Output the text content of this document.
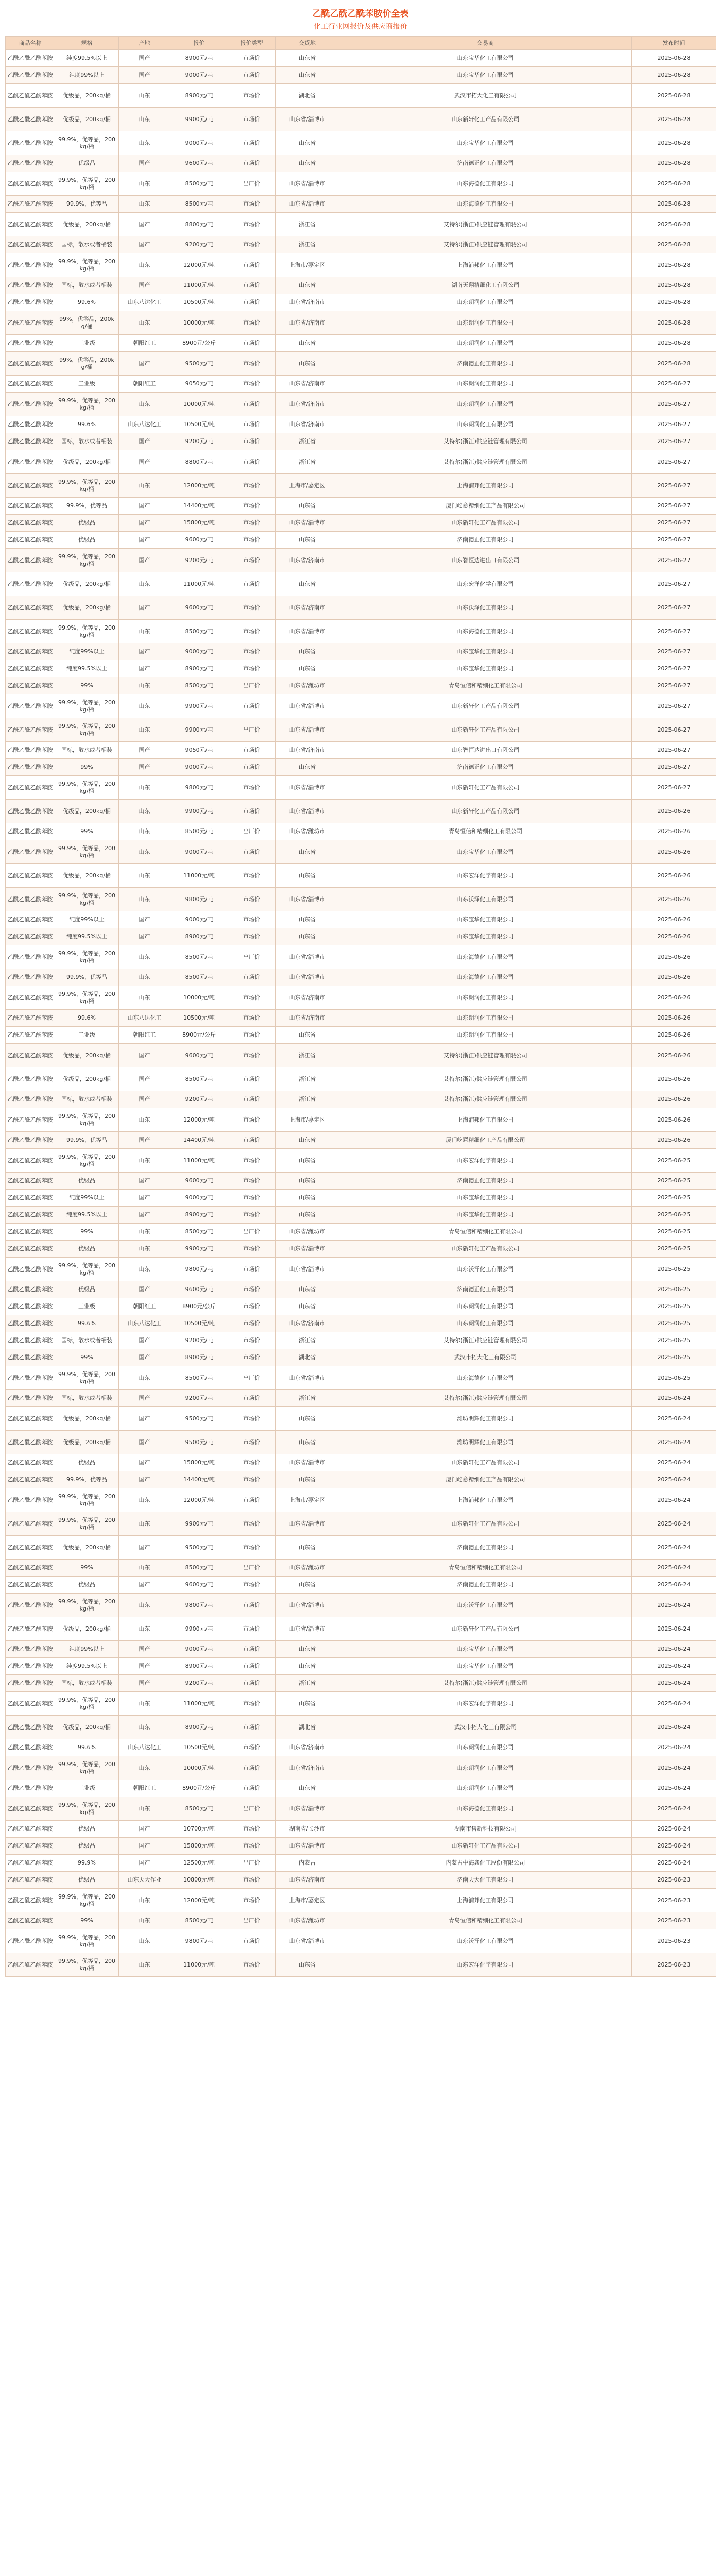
乙酰乙酰乙酰苯胺价全表
化工行业网报价及供应商报价
商品名称	规格	产地	报价	报价类型	交货地	交易商	发布时间
乙酰乙酰乙酰苯胺	纯度99.5%以上	国产	8900元/吨	市场价	山东省	山东宝华化工有限公司	2025-06-28
乙酰乙酰乙酰苯胺	纯度99%以上	国产	9000元/吨	市场价	山东省	山东宝华化工有限公司	2025-06-28
乙酰乙酰乙酰苯胺	优级品，200kg/桶	山东	8900元/吨	市场价	湖北省	武汉市拓大化工有限公司	2025-06-28
乙酰乙酰乙酰苯胺	优级品，200kg/桶	山东	9900元/吨	市场价	山东省/淄博市	山东新轩化工产品有限公司	2025-06-28
乙酰乙酰乙酰苯胺	99.9%，优等品，200kg/桶	山东	9000元/吨	市场价	山东省	山东宝华化工有限公司	2025-06-28
乙酰乙酰乙酰苯胺	优级品	国产	9600元/吨	市场价	山东省	济南德正化工有限公司	2025-06-28
乙酰乙酰乙酰苯胺	99.9%，优等品，200kg/桶	山东	8500元/吨	出厂价	山东省/淄博市	山东海德化工有限公司	2025-06-28
乙酰乙酰乙酰苯胺	99.9%，优等品	山东	8500元/吨	市场价	山东省/淄博市	山东海德化工有限公司	2025-06-28
乙酰乙酰乙酰苯胺	优级品，200kg/桶	国产	8800元/吨	市场价	浙江省	艾特尔(浙江)供应链管理有限公司	2025-06-28
乙酰乙酰乙酰苯胺	国标，散水或者桶装	国产	9200元/吨	市场价	浙江省	艾特尔(浙江)供应链管理有限公司	2025-06-28
乙酰乙酰乙酰苯胺	99.9%，优等品，200kg/桶	山东	12000元/吨	市场价	上海市/嘉定区	上海浦邦化工有限公司	2025-06-28
乙酰乙酰乙酰苯胺	国标，散水或者桶装	国产	11000元/吨	市场价	山东省	湖南天翔精细化工有限公司	2025-06-28
乙酰乙酰乙酰苯胺	99.6%	山东八达化工	10500元/吨	市场价	山东省/济南市	山东朗润化工有限公司	2025-06-28
乙酰乙酰乙酰苯胺	99%，优等品，200kg/桶	山东	10000元/吨	市场价	山东省/济南市	山东朗润化工有限公司	2025-06-28
乙酰乙酰乙酰苯胺	工业级	朝阳红工	8900元/公斤	市场价	山东省	山东朗润化工有限公司	2025-06-28
乙酰乙酰乙酰苯胺	99%，优等品，200kg/桶	国产	9500元/吨	市场价	山东省	济南德正化工有限公司	2025-06-28
乙酰乙酰乙酰苯胺	工业级	朝阳红工	9050元/吨	市场价	山东省/济南市	山东朗润化工有限公司	2025-06-27
乙酰乙酰乙酰苯胺	99.9%，优等品，200kg/桶	山东	10000元/吨	市场价	山东省/济南市	山东朗润化工有限公司	2025-06-27
乙酰乙酰乙酰苯胺	99.6%	山东八达化工	10500元/吨	市场价	山东省/济南市	山东朗润化工有限公司	2025-06-27
乙酰乙酰乙酰苯胺	国标，散水或者桶装	国产	9200元/吨	市场价	浙江省	艾特尔(浙江)供应链管理有限公司	2025-06-27
乙酰乙酰乙酰苯胺	优级品，200kg/桶	国产	8800元/吨	市场价	浙江省	艾特尔(浙江)供应链管理有限公司	2025-06-27
乙酰乙酰乙酰苯胺	99.9%，优等品，200kg/桶	山东	12000元/吨	市场价	上海市/嘉定区	上海浦邦化工有限公司	2025-06-27
乙酰乙酰乙酰苯胺	99.9%，优等品	国产	14400元/吨	市场价	山东省	厦门屹意精细化工产品有限公司	2025-06-27
乙酰乙酰乙酰苯胺	优级品	国产	15800元/吨	市场价	山东省/淄博市	山东新轩化工产品有限公司	2025-06-27
乙酰乙酰乙酰苯胺	优级品	国产	9600元/吨	市场价	山东省	济南德正化工有限公司	2025-06-27
乙酰乙酰乙酰苯胺	99.9%，优等品，200kg/桶	国产	9200元/吨	市场价	山东省/济南市	山东智恒达进出口有限公司	2025-06-27
乙酰乙酰乙酰苯胺	优级品，200kg/桶	山东	11000元/吨	市场价	山东省	山东宏洋化学有限公司	2025-06-27
乙酰乙酰乙酰苯胺	优级品，200kg/桶	国产	9600元/吨	市场价	山东省/济南市	山东沃泽化工有限公司	2025-06-27
乙酰乙酰乙酰苯胺	99.9%，优等品，200kg/桶	山东	8500元/吨	市场价	山东省/淄博市	山东海德化工有限公司	2025-06-27
乙酰乙酰乙酰苯胺	纯度99%以上	国产	9000元/吨	市场价	山东省	山东宝华化工有限公司	2025-06-27
乙酰乙酰乙酰苯胺	纯度99.5%以上	国产	8900元/吨	市场价	山东省	山东宝华化工有限公司	2025-06-27
乙酰乙酰乙酰苯胺	99%	山东	8500元/吨	出厂价	山东省/潍坊市	青岛恒信和精细化工有限公司	2025-06-27
乙酰乙酰乙酰苯胺	99.9%，优等品，200kg/桶	山东	9900元/吨	市场价	山东省/淄博市	山东新轩化工产品有限公司	2025-06-27
乙酰乙酰乙酰苯胺	99.9%，优等品，200kg/桶	山东	9900元/吨	出厂价	山东省/淄博市	山东新轩化工产品有限公司	2025-06-27
乙酰乙酰乙酰苯胺	国标，散水或者桶装	国产	9050元/吨	市场价	山东省/济南市	山东智恒达进出口有限公司	2025-06-27
乙酰乙酰乙酰苯胺	99%	国产	9000元/吨	市场价	山东省	济南德正化工有限公司	2025-06-27
乙酰乙酰乙酰苯胺	99.9%，优等品，200kg/桶	山东	9800元/吨	市场价	山东省/淄博市	山东新轩化工产品有限公司	2025-06-27
乙酰乙酰乙酰苯胺	优级品，200kg/桶	山东	9900元/吨	市场价	山东省/淄博市	山东新轩化工产品有限公司	2025-06-26
乙酰乙酰乙酰苯胺	99%	山东	8500元/吨	出厂价	山东省/潍坊市	青岛恒信和精细化工有限公司	2025-06-26
乙酰乙酰乙酰苯胺	99.9%，优等品，200kg/桶	山东	9000元/吨	市场价	山东省	山东宝华化工有限公司	2025-06-26
乙酰乙酰乙酰苯胺	优级品，200kg/桶	山东	11000元/吨	市场价	山东省	山东宏洋化学有限公司	2025-06-26
乙酰乙酰乙酰苯胺	99.9%，优等品，200kg/桶	山东	9800元/吨	市场价	山东省/淄博市	山东沃泽化工有限公司	2025-06-26
乙酰乙酰乙酰苯胺	纯度99%以上	国产	9000元/吨	市场价	山东省	山东宝华化工有限公司	2025-06-26
乙酰乙酰乙酰苯胺	纯度99.5%以上	国产	8900元/吨	市场价	山东省	山东宝华化工有限公司	2025-06-26
乙酰乙酰乙酰苯胺	99.9%，优等品，200kg/桶	山东	8500元/吨	出厂价	山东省/淄博市	山东海德化工有限公司	2025-06-26
乙酰乙酰乙酰苯胺	99.9%，优等品	山东	8500元/吨	市场价	山东省/淄博市	山东海德化工有限公司	2025-06-26
乙酰乙酰乙酰苯胺	99.9%，优等品，200kg/桶	山东	10000元/吨	市场价	山东省/济南市	山东朗润化工有限公司	2025-06-26
乙酰乙酰乙酰苯胺	99.6%	山东八达化工	10500元/吨	市场价	山东省/济南市	山东朗润化工有限公司	2025-06-26
乙酰乙酰乙酰苯胺	工业级	朝阳红工	8900元/公斤	市场价	山东省	山东朗润化工有限公司	2025-06-26
乙酰乙酰乙酰苯胺	优级品，200kg/桶	国产	9600元/吨	市场价	浙江省	艾特尔(浙江)供应链管理有限公司	2025-06-26
乙酰乙酰乙酰苯胺	优级品，200kg/桶	国产	8500元/吨	市场价	浙江省	艾特尔(浙江)供应链管理有限公司	2025-06-26
乙酰乙酰乙酰苯胺	国标，散水或者桶装	国产	9200元/吨	市场价	浙江省	艾特尔(浙江)供应链管理有限公司	2025-06-26
乙酰乙酰乙酰苯胺	99.9%，优等品，200kg/桶	山东	12000元/吨	市场价	上海市/嘉定区	上海浦邦化工有限公司	2025-06-26
乙酰乙酰乙酰苯胺	99.9%，优等品	国产	14400元/吨	市场价	山东省	厦门屹意精细化工产品有限公司	2025-06-26
乙酰乙酰乙酰苯胺	99.9%，优等品，200kg/桶	山东	11000元/吨	市场价	山东省	山东宏洋化学有限公司	2025-06-25
乙酰乙酰乙酰苯胺	优级品	国产	9600元/吨	市场价	山东省	济南德正化工有限公司	2025-06-25
乙酰乙酰乙酰苯胺	纯度99%以上	国产	9000元/吨	市场价	山东省	山东宝华化工有限公司	2025-06-25
乙酰乙酰乙酰苯胺	纯度99.5%以上	国产	8900元/吨	市场价	山东省	山东宝华化工有限公司	2025-06-25
乙酰乙酰乙酰苯胺	99%	山东	8500元/吨	出厂价	山东省/潍坊市	青岛恒信和精细化工有限公司	2025-06-25
乙酰乙酰乙酰苯胺	优级品	山东	9900元/吨	市场价	山东省/淄博市	山东新轩化工产品有限公司	2025-06-25
乙酰乙酰乙酰苯胺	99.9%，优等品，200kg/桶	山东	9800元/吨	市场价	山东省/淄博市	山东沃泽化工有限公司	2025-06-25
乙酰乙酰乙酰苯胺	优级品	国产	9600元/吨	市场价	山东省	济南德正化工有限公司	2025-06-25
乙酰乙酰乙酰苯胺	工业级	朝阳红工	8900元/公斤	市场价	山东省	山东朗润化工有限公司	2025-06-25
乙酰乙酰乙酰苯胺	99.6%	山东八达化工	10500元/吨	市场价	山东省/济南市	山东朗润化工有限公司	2025-06-25
乙酰乙酰乙酰苯胺	国标，散水或者桶装	国产	9200元/吨	市场价	浙江省	艾特尔(浙江)供应链管理有限公司	2025-06-25
乙酰乙酰乙酰苯胺	99%	国产	8900元/吨	市场价	湖北省	武汉市拓大化工有限公司	2025-06-25
乙酰乙酰乙酰苯胺	99.9%，优等品，200kg/桶	山东	8500元/吨	出厂价	山东省/淄博市	山东海德化工有限公司	2025-06-25
乙酰乙酰乙酰苯胺	国标，散水或者桶装	国产	9200元/吨	市场价	浙江省	艾特尔(浙江)供应链管理有限公司	2025-06-24
乙酰乙酰乙酰苯胺	优级品，200kg/桶	国产	9500元/吨	市场价	山东省	潍坊明辉化工有限公司	2025-06-24
乙酰乙酰乙酰苯胺	优级品，200kg/桶	国产	9500元/吨	市场价	山东省	潍坊明辉化工有限公司	2025-06-24
乙酰乙酰乙酰苯胺	优级品	国产	15800元/吨	市场价	山东省/淄博市	山东新轩化工产品有限公司	2025-06-24
乙酰乙酰乙酰苯胺	99.9%，优等品	国产	14400元/吨	市场价	山东省	厦门屹意精细化工产品有限公司	2025-06-24
乙酰乙酰乙酰苯胺	99.9%，优等品，200kg/桶	山东	12000元/吨	市场价	上海市/嘉定区	上海浦邦化工有限公司	2025-06-24
乙酰乙酰乙酰苯胺	99.9%，优等品，200kg/桶	山东	9900元/吨	市场价	山东省/淄博市	山东新轩化工产品有限公司	2025-06-24
乙酰乙酰乙酰苯胺	优级品，200kg/桶	国产	9500元/吨	市场价	山东省	济南德正化工有限公司	2025-06-24
乙酰乙酰乙酰苯胺	99%	山东	8500元/吨	出厂价	山东省/潍坊市	青岛恒信和精细化工有限公司	2025-06-24
乙酰乙酰乙酰苯胺	优级品	国产	9600元/吨	市场价	山东省	济南德正化工有限公司	2025-06-24
乙酰乙酰乙酰苯胺	99.9%，优等品，200kg/桶	山东	9800元/吨	市场价	山东省/淄博市	山东沃泽化工有限公司	2025-06-24
乙酰乙酰乙酰苯胺	优级品，200kg/桶	山东	9900元/吨	市场价	山东省/淄博市	山东新轩化工产品有限公司	2025-06-24
乙酰乙酰乙酰苯胺	纯度99%以上	国产	9000元/吨	市场价	山东省	山东宝华化工有限公司	2025-06-24
乙酰乙酰乙酰苯胺	纯度99.5%以上	国产	8900元/吨	市场价	山东省	山东宝华化工有限公司	2025-06-24
乙酰乙酰乙酰苯胺	国标，散水或者桶装	国产	9200元/吨	市场价	浙江省	艾特尔(浙江)供应链管理有限公司	2025-06-24
乙酰乙酰乙酰苯胺	99.9%，优等品，200kg/桶	山东	11000元/吨	市场价	山东省	山东宏洋化学有限公司	2025-06-24
乙酰乙酰乙酰苯胺	优级品，200kg/桶	山东	8900元/吨	市场价	湖北省	武汉市拓大化工有限公司	2025-06-24
乙酰乙酰乙酰苯胺	99.6%	山东八达化工	10500元/吨	市场价	山东省/济南市	山东朗润化工有限公司	2025-06-24
乙酰乙酰乙酰苯胺	99.9%，优等品，200kg/桶	山东	10000元/吨	市场价	山东省/济南市	山东朗润化工有限公司	2025-06-24
乙酰乙酰乙酰苯胺	工业级	朝阳红工	8900元/公斤	市场价	山东省	山东朗润化工有限公司	2025-06-24
乙酰乙酰乙酰苯胺	99.9%，优等品，200kg/桶	山东	8500元/吨	出厂价	山东省/淄博市	山东海德化工有限公司	2025-06-24
乙酰乙酰乙酰苯胺	优级品	国产	10700元/吨	市场价	湖南省/长沙市	湖南市售新科技有限公司	2025-06-24
乙酰乙酰乙酰苯胺	优级品	国产	15800元/吨	市场价	山东省/淄博市	山东新轩化工产品有限公司	2025-06-24
乙酰乙酰乙酰苯胺	99.9%	国产	12500元/吨	出厂价	内蒙古	内蒙古中海鑫化工股份有限公司	2025-06-24
乙酰乙酰乙酰苯胺	优级品	山东天大作业	10800元/吨	市场价	山东省/济南市	济南天大化工有限公司	2025-06-23
乙酰乙酰乙酰苯胺	99.9%，优等品，200kg/桶	山东	12000元/吨	市场价	上海市/嘉定区	上海浦邦化工有限公司	2025-06-23
乙酰乙酰乙酰苯胺	99%	山东	8500元/吨	出厂价	山东省/潍坊市	青岛恒信和精细化工有限公司	2025-06-23
乙酰乙酰乙酰苯胺	99.9%，优等品，200kg/桶	山东	9800元/吨	市场价	山东省/淄博市	山东沃泽化工有限公司	2025-06-23
乙酰乙酰乙酰苯胺	99.9%，优等品，200kg/桶	山东	11000元/吨	市场价	山东省	山东宏洋化学有限公司	2025-06-23
